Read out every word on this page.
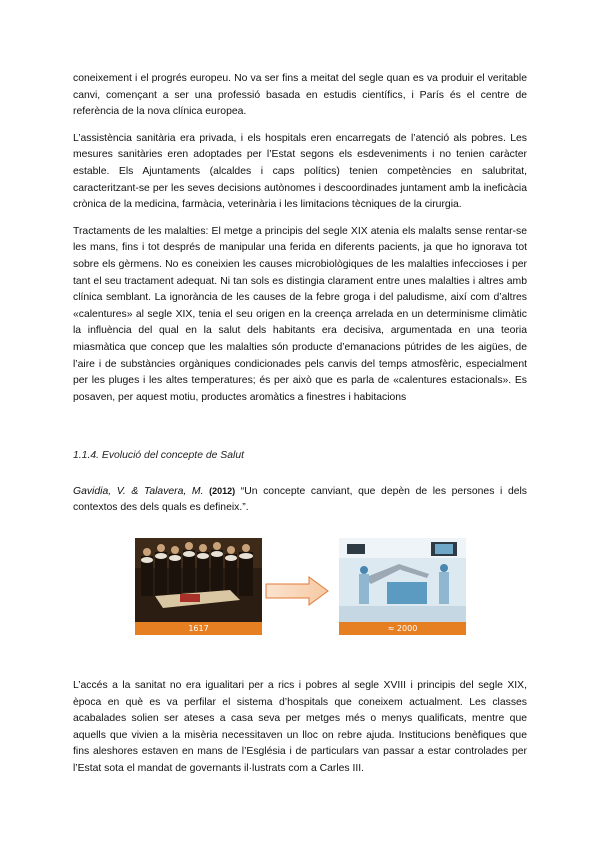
coneixement i el progrés europeu. No va ser fins a meitat del segle quan es va produir el veritable canvi, començant a ser una professió basada en estudis científics, i París és el centre de referència de la nova clínica europea.

L’assistència sanitària era privada, i els hospitals eren encarregats de l’atenció als pobres. Les mesures sanitàries eren adoptades per l’Estat segons els esdeveniments i no tenien caràcter estable. Els Ajuntaments (alcaldes i caps polítics) tenien competències en salubritat, caracteritzant-se per les seves decisions autònomes i descoordinades juntament amb la ineficàcia crònica de la medicina, farmàcia, veterinària i les limitacions tècniques de la cirurgia.

Tractaments de les malalties: El metge a principis del segle XIX atenia els malalts sense rentar-se les mans, fins i tot després de manipular una ferida en diferents pacients, ja que ho ignorava tot sobre els gèrmens. No es coneixien les causes microbiològiques de les malalties infeccioses i per tant el seu tractament adequat. Ni tan sols es distingia clarament entre unes malalties i altres amb clínica semblant. La ignorància de les causes de la febre groga i del paludisme, així com d’altres «calentures» al segle XIX, tenia el seu origen en la creença arrelada en un determinisme climàtic la influència del qual en la salut dels habitants era decisiva, argumentada en una teoria miasmàtica que concep que les malalties són producte d’emanacions pútrides de les aigües, de l’aire i de substàncies orgàniques condicionades pels canvis del temps atmosfèric, especialment per les pluges i les altes temperatures; és per això que es parla de «calentures estacionals». Es posaven, per aquest motiu, productes aromàtics a finestres i habitacions

1.1.4. Evolució del concepte de Salut

Gavidia, V. & Talavera, M. (2012) “Un concepte canviant, que depèn de les persones i dels contextos des dels quals es defineix.”.

1617	≈ 2000

L’accés a la sanitat no era igualitari per a rics i pobres al segle XVIII i principis del segle XIX, època en què es va perfilar el sistema d’hospitals que coneixem actualment. Les classes acabalades solien ser ateses a casa seva per metges més o menys qualificats, mentre que aquells que vivien a la misèria necessitaven un lloc on rebre ajuda. Institucions benèfiques que fins aleshores estaven en mans de l’Església i de particulars van passar a estar controlades per l’Estat sota el mandat de governants il·lustrats com a Carles III.
